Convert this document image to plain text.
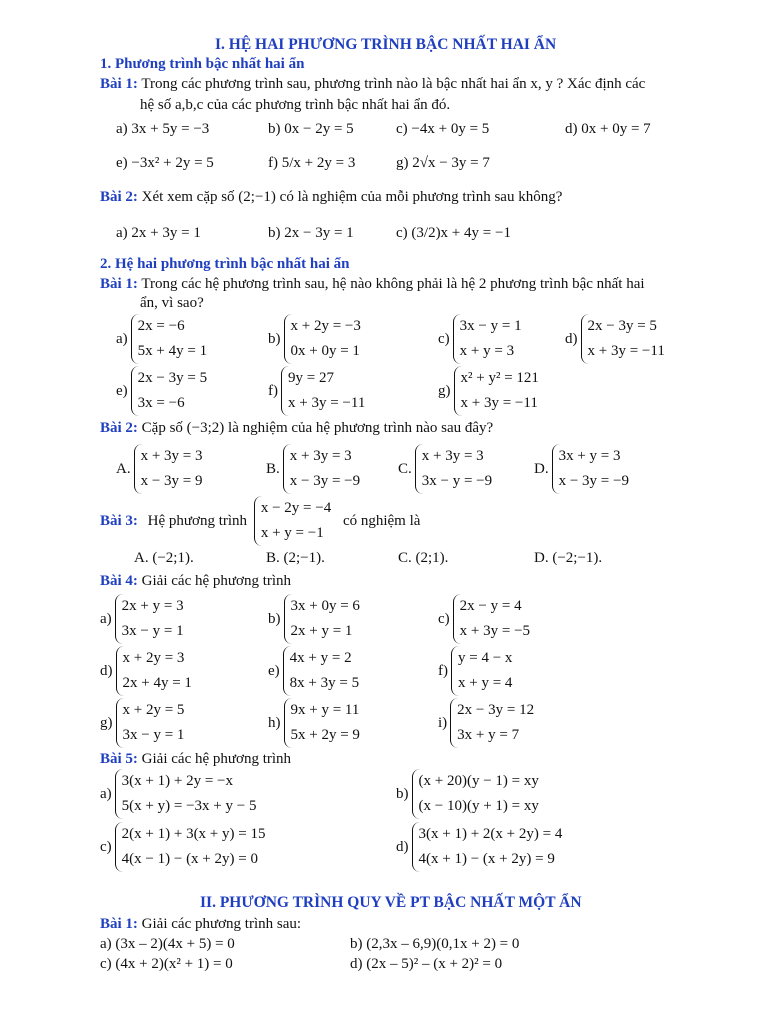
I. HỆ HAI PHƯƠNG TRÌNH BẬC NHẤT HAI ẨN
1. Phương trình bậc nhất hai ẩn
Bài 1: Trong các phương trình sau, phương trình nào là bậc nhất hai ẩn x, y ? Xác định các
hệ số a,b,c của các phương trình bậc nhất hai ẩn đó.
a) 3x + 5y = −3	b) 0x − 2y = 5	c) −4x + 0y = 5	d) 0x + 0y = 7
e) −3x² + 2y = 5	f) 5/x + 2y = 3	g) 2√x − 3y = 7
Bài 2: Xét xem cặp số (2;−1) có là nghiệm của mỗi phương trình sau không?
a) 2x + 3y = 1	b) 2x − 3y = 1	c) (3/2)x + 4y = −1
2. Hệ hai phương trình bậc nhất hai ẩn
Bài 1: Trong các hệ phương trình sau, hệ nào không phải là hệ 2 phương trình bậc nhất hai
ẩn, vì sao?
a)
2x = −6
5x + 4y = 1
b)
x + 2y = −3
0x + 0y = 1
c)
3x − y = 1
x + y = 3
d)
2x − 3y = 5
x + 3y = −11
e)
2x − 3y = 5
3x = −6
f)
9y = 27
x + 3y = −11
g)
x² + y² = 121
x + 3y = −11
Bài 2: Cặp số (−3;2) là nghiệm của hệ phương trình nào sau đây?
A.
x + 3y = 3
x − 3y = 9
B.
x + 3y = 3
x − 3y = −9
C.
x + 3y = 3
3x − y = −9
D.
3x + y = 3
x − 3y = −9
Bài 3: Hệ phương trình
x − 2y = −4
x + y = −1
có nghiệm là
A. (−2;1).	B. (2;−1).	C. (2;1).	D. (−2;−1).
Bài 4: Giải các hệ phương trình
a)
2x + y = 3
3x − y = 1
b)
3x + 0y = 6
2x + y = 1
c)
2x − y = 4
x + 3y = −5
d)
x + 2y = 3
2x + 4y = 1
e)
4x + y = 2
8x + 3y = 5
f)
y = 4 − x
x + y = 4
g)
x + 2y = 5
3x − y = 1
h)
9x + y = 11
5x + 2y = 9
i)
2x − 3y = 12
3x + y = 7
Bài 5: Giải các hệ phương trình
a)
3(x + 1) + 2y = −x
5(x + y) = −3x + y − 5
b)
(x + 20)(y − 1) = xy
(x − 10)(y + 1) = xy
c)
2(x + 1) + 3(x + y) = 15
4(x − 1) − (x + 2y) = 0
d)
3(x + 1) + 2(x + 2y) = 4
4(x + 1) − (x + 2y) = 9
II. PHƯƠNG TRÌNH QUY VỀ PT BẬC NHẤT MỘT ẨN
Bài 1: Giải các phương trình sau:
a) (3x – 2)(4x + 5) = 0	b) (2,3x – 6,9)(0,1x + 2) = 0
c) (4x + 2)(x² + 1) = 0	d) (2x – 5)² – (x + 2)² = 0
